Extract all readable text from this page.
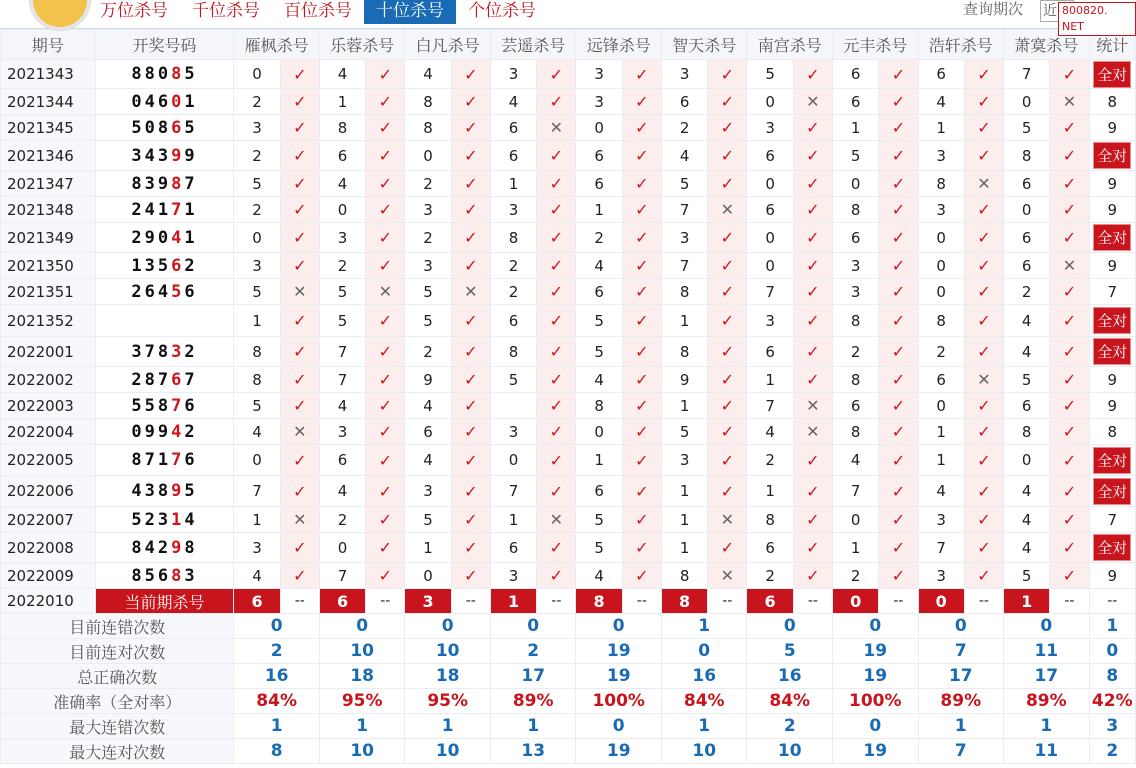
万位杀号	千位杀号	百位杀号	十位杀号	个位杀号	查询期次 近 800820. NET
期号	开奖号码	雁枫杀号		乐蓉杀号		白凡杀号		芸遥杀号		远锋杀号		智天杀号		南宫杀号		元丰杀号		浩轩杀号		萧寞杀号		统计
2021343	88085	0	✓	4	✓	4	✓	3	✓	3	✓	3	✓	5	✓	6	✓	6	✓	7	✓	全对
2021344	04601	2	✓	1	✓	8	✓	4	✓	3	✓	6	✓	0	✕	6	✓	4	✓	0	✕	8
2021345	50865	3	✓	8	✓	8	✓	6	✕	0	✓	2	✓	3	✓	1	✓	1	✓	5	✓	9
2021346	34399	2	✓	6	✓	0	✓	6	✓	6	✓	4	✓	6	✓	5	✓	3	✓	8	✓	全对
2021347	83987	5	✓	4	✓	2	✓	1	✓	6	✓	5	✓	0	✓	0	✓	8	✕	6	✓	9
2021348	24171	2	✓	0	✓	3	✓	3	✓	1	✓	7	✕	6	✓	8	✓	3	✓	0	✓	9
2021349	29041	0	✓	3	✓	2	✓	8	✓	2	✓	3	✓	0	✓	6	✓	0	✓	6	✓	全对
2021350	13562	3	✓	2	✓	3	✓	2	✓	4	✓	7	✓	0	✓	3	✓	0	✓	6	✕	9
2021351	26456	5	✕	5	✕	5	✕	2	✓	6	✓	8	✓	7	✓	3	✓	0	✓	2	✓	7
2021352		1	✓	5	✓	5	✓	6	✓	5	✓	1	✓	3	✓	8	✓	8	✓	4	✓	全对
2022001	37832	8	✓	7	✓	2	✓	8	✓	5	✓	8	✓	6	✓	2	✓	2	✓	4	✓	全对
2022002	28767	8	✓	7	✓	9	✓	5	✓	4	✓	9	✓	1	✓	8	✓	6	✕	5	✓	9
2022003	55876	5	✓	4	✓	4	✓		✓	8	✓	1	✓	7	✕	6	✓	0	✓	6	✓	9
2022004	09942	4	✕	3	✓	6	✓	3	✓	0	✓	5	✓	4	✕	8	✓	1	✓	8	✓	8
2022005	87176	0	✓	6	✓	4	✓	0	✓	1	✓	3	✓	2	✓	4	✓	1	✓	0	✓	全对
2022006	43895	7	✓	4	✓	3	✓	7	✓	6	✓	1	✓	1	✓	7	✓	4	✓	4	✓	全对
2022007	52314	1	✕	2	✓	5	✓	1	✕	5	✓	1	✕	8	✓	0	✓	3	✓	4	✓	7
2022008	84298	3	✓	0	✓	1	✓	6	✓	5	✓	1	✓	6	✓	1	✓	7	✓	4	✓	全对
2022009	85683	4	✓	7	✓	0	✓	3	✓	4	✓	8	✕	2	✓	2	✓	3	✓	5	✓	9
2022010	当前期杀号	6	--	6	--	3	--	1	--	8	--	8	--	6	--	0	--	0	--	1	--	--
目前连错次数		0		0		0		0		0		1		0		0		0		0		1
目前连对次数		2		10		10		2		19		0		5		19		7		11		0
总正确次数		16		18		18		17		19		16		16		19		17		17		8
准确率（全对率）		84%		95%		95%		89%		100%		84%		84%		100%		89%		89%		42%
最大连错次数		1		1		1		1		0		1		2		0		1		1		3
最大连对次数		8		10		10		13		19		10		10		19		7		11		2
